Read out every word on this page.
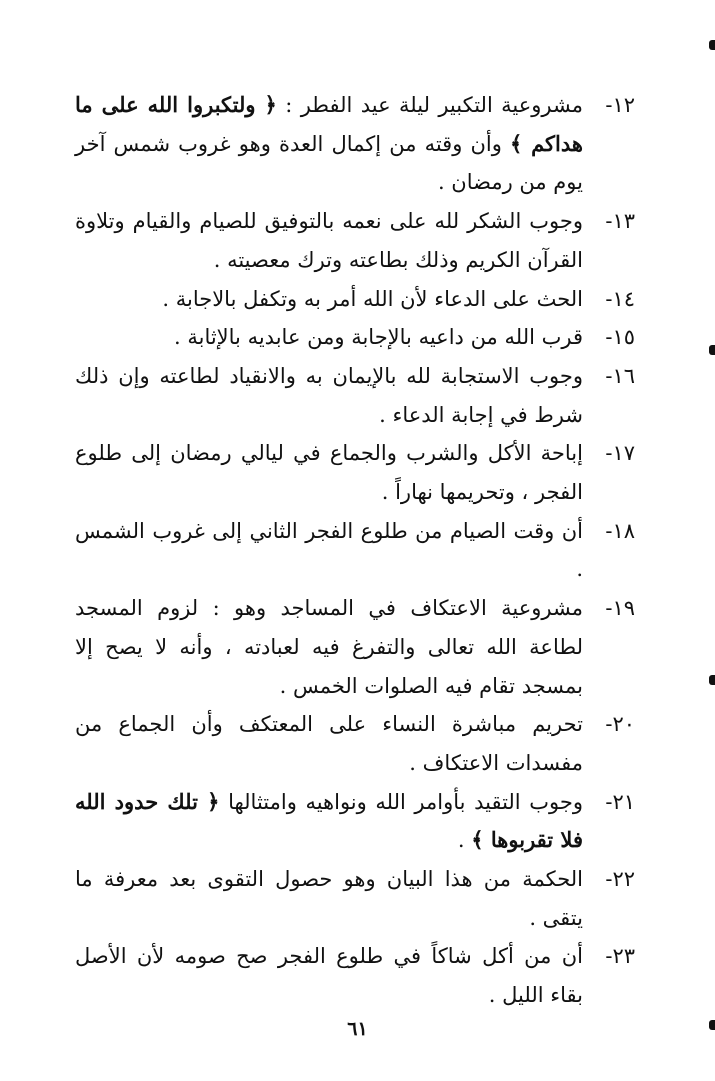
١٢-
مشروعية التكبير ليلة عيد الفطر : ﴿ ولتكبروا الله على ما هداكم ﴾ وأن وقته من إكمال العدة وهو غروب شمس آخر يوم من رمضان .
١٣-
وجوب الشكر لله على نعمه بالتوفيق للصيام والقيام وتلاوة القرآن الكريم وذلك بطاعته وترك معصيته .
١٤-
الحث على الدعاء لأن الله أمر به وتكفل بالاجابة .
١٥-
قرب الله من داعيه بالإجابة ومن عابديه بالإثابة .
١٦-
وجوب الاستجابة لله بالإيمان به والانقياد لطاعته وإن ذلك شرط في إجابة الدعاء .
١٧-
إباحة الأكل والشرب والجماع في ليالي رمضان إلى طلوع الفجر ، وتحريمها نهاراً .
١٨-
أن وقت الصيام من طلوع الفجر الثاني إلى غروب الشمس .
١٩-
مشروعية الاعتكاف في المساجد وهو : لزوم المسجد لطاعة الله تعالى والتفرغ فيه لعبادته ، وأنه لا يصح إلا بمسجد تقام فيه الصلوات الخمس .
٢٠-
تحريم مباشرة النساء على المعتكف وأن الجماع من مفسدات الاعتكاف .
٢١-
وجوب التقيد بأوامر الله ونواهيه وامتثالها ﴿ تلك حدود الله فلا تقربوها ﴾ .
٢٢-
الحكمة من هذا البيان وهو حصول التقوى بعد معرفة ما يتقى .
٢٣-
أن من أكل شاكاً في طلوع الفجر صح صومه لأن الأصل بقاء الليل .
٦١
